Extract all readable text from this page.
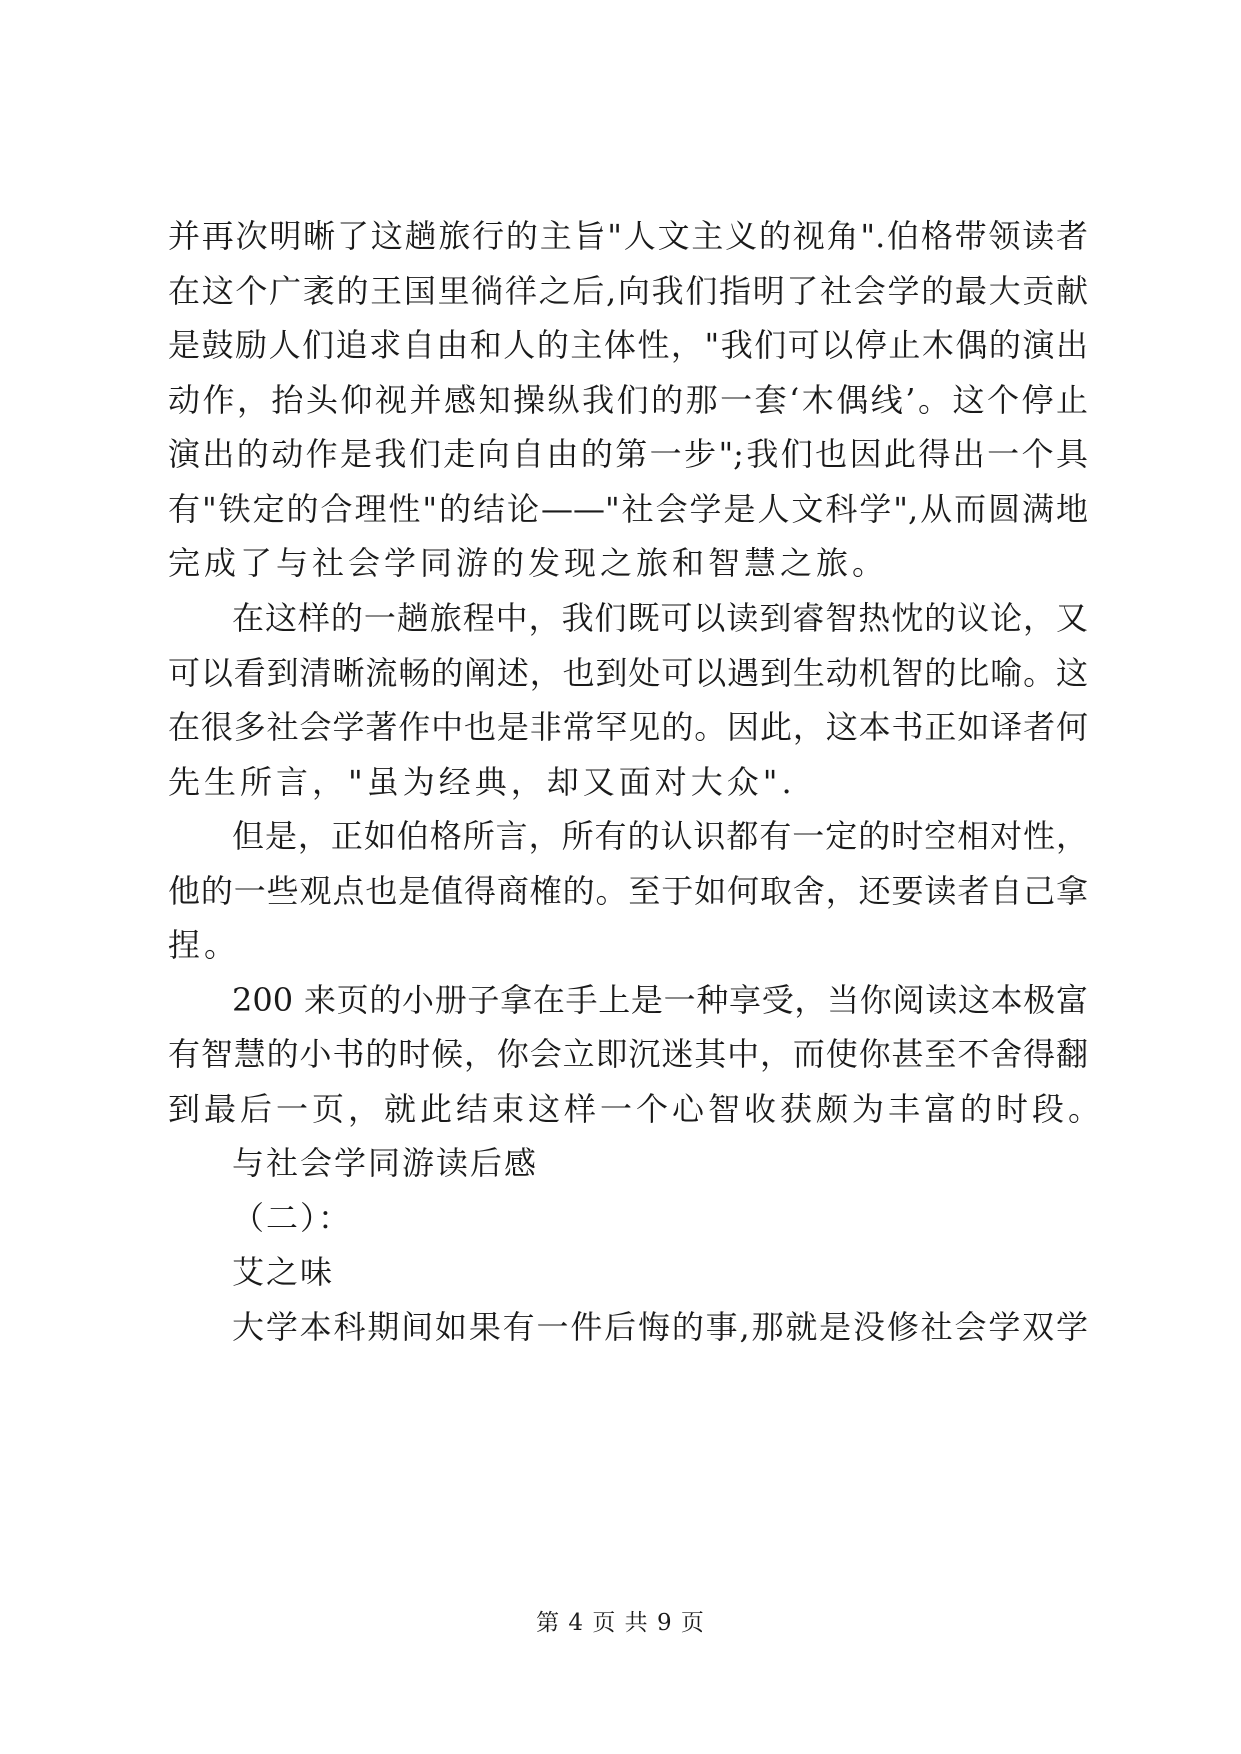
并再次明晰了这趟旅行的主旨"人文主义的视角".伯格带领读者
在这个广袤的王国里徜徉之后,向我们指明了社会学的最大贡献
是鼓励人们追求自由和人的主体性，"我们可以停止木偶的演出
动作，抬头仰视并感知操纵我们的那一套‘木偶线’。这个停止
演出的动作是我们走向自由的第一步";我们也因此得出一个具
有"铁定的合理性"的结论——"社会学是人文科学",从而圆满地
完成了与社会学同游的发现之旅和智慧之旅。
在这样的一趟旅程中，我们既可以读到睿智热忱的议论，又
可以看到清晰流畅的阐述，也到处可以遇到生动机智的比喻。这
在很多社会学著作中也是非常罕见的。因此，这本书正如译者何
先生所言，"虽为经典，却又面对大众".
但是，正如伯格所言，所有的认识都有一定的时空相对性，
他的一些观点也是值得商榷的。至于如何取舍，还要读者自己拿
捏。
200 来页的小册子拿在手上是一种享受，当你阅读这本极富
有智慧的小书的时候，你会立即沉迷其中，而使你甚至不舍得翻
到最后一页，就此结束这样一个心智收获颇为丰富的时段。
与社会学同游读后感
（二）：
艾之味
大学本科期间如果有一件后悔的事,那就是没修社会学双学
第 4 页 共 9 页
